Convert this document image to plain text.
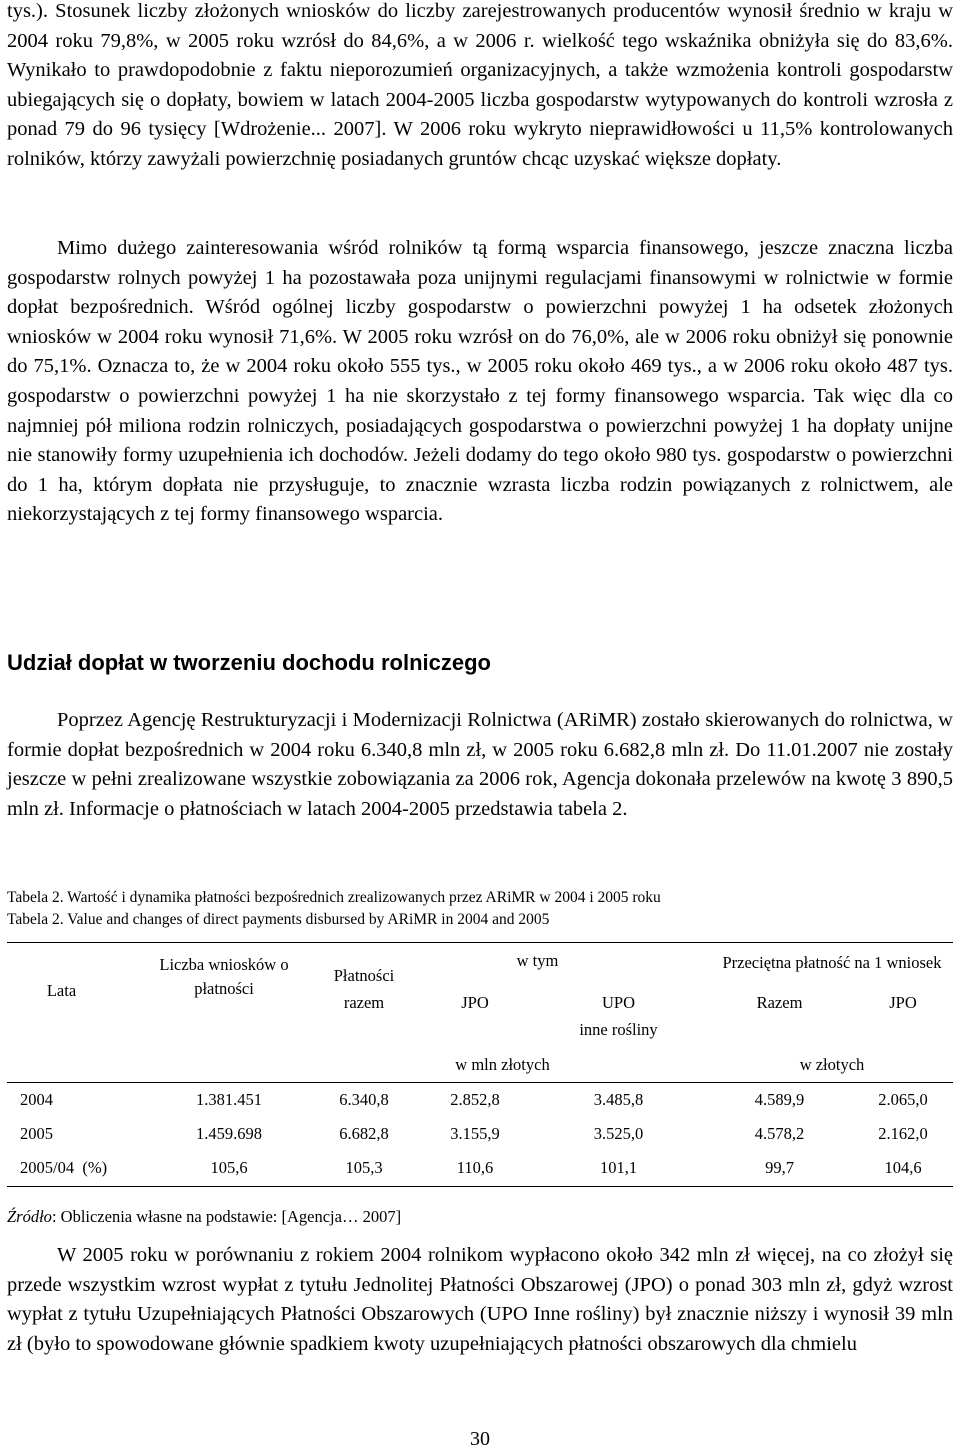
tys.). Stosunek liczby złożonych wniosków do liczby zarejestrowanych producentów wynosił średnio w kraju w 2004 roku 79,8%, w 2005 roku wzrósł do 84,6%, a w 2006 r. wielkość tego wskaźnika obniżyła się do 83,6%. Wynikało to prawdopodobnie z faktu nieporozumień organizacyjnych, a także wzmożenia kontroli gospodarstw ubiegających się o dopłaty, bowiem w latach 2004-2005 liczba gospodarstw wytypowanych do kontroli wzrosła z ponad 79 do 96 tysięcy [Wdrożenie... 2007]. W 2006 roku wykryto nieprawidłowości u 11,5% kontrolowanych rolników, którzy zawyżali powierzchnię posiadanych gruntów chcąc uzyskać większe dopłaty.

Mimo dużego zainteresowania wśród rolników tą formą wsparcia finansowego, jeszcze znaczna liczba gospodarstw rolnych powyżej 1 ha pozostawała poza unijnymi regulacjami finansowymi w rolnictwie w formie dopłat bezpośrednich. Wśród ogólnej liczby gospodarstw o powierzchni powyżej 1 ha odsetek złożonych wniosków w 2004 roku wynosił 71,6%. W 2005 roku wzrósł on do 76,0%, ale w 2006 roku obniżył się ponownie do 75,1%. Oznacza to, że w 2004 roku około 555 tys., w 2005 roku około 469 tys., a w 2006 roku około 487 tys. gospodarstw o powierzchni powyżej 1 ha nie skorzystało z tej formy finansowego wsparcia. Tak więc dla co najmniej pół miliona rodzin rolniczych, posiadających gospodarstwa o powierzchni powyżej 1 ha dopłaty unijne nie stanowiły formy uzupełnienia ich dochodów. Jeżeli dodamy do tego około 980 tys. gospodarstw o powierzchni do 1 ha, którym dopłata nie przysługuje, to znacznie wzrasta liczba rodzin powiązanych z rolnictwem, ale niekorzystających z tej formy finansowego wsparcia.

Udział dopłat w tworzeniu dochodu rolniczego

Poprzez Agencję Restrukturyzacji i Modernizacji Rolnictwa (ARiMR) zostało skierowanych do rolnictwa, w formie dopłat bezpośrednich w 2004 roku 6.340,8 mln zł, w 2005 roku 6.682,8 mln zł. Do 11.01.2007 nie zostały jeszcze w pełni zrealizowane wszystkie zobowiązania za 2006 rok, Agencja dokonała przelewów na kwotę 3 890,5 mln zł. Informacje o płatnościach w latach 2004-2005 przedstawia tabela 2.

Tabela 2. Wartość i dynamika płatności bezpośrednich zrealizowanych przez ARiMR w 2004 i 2005 roku

Tabela 2. Value and changes of direct payments disbursed by ARiMR in 2004 and 2005

Lata	Liczba wniosków o płatności	Płatności	w tym		Przeciętna płatność na 1 wniosek	
		razem	JPO	UPO	Razem	JPO
				inne rośliny		
		w mln złotych			w złotych	
2004	1.381.451	6.340,8	2.852,8	3.485,8	4.589,9	2.065,0
2005	1.459.698	6.682,8	3.155,9	3.525,0	4.578,2	2.162,0
2005/04  (%)	105,6	105,3	110,6	101,1	99,7	104,6

Źródło: Obliczenia własne na podstawie: [Agencja… 2007]

W 2005 roku w porównaniu z rokiem 2004 rolnikom wypłacono około 342 mln zł więcej, na co złożył się przede wszystkim wzrost wypłat z tytułu Jednolitej Płatności Obszarowej (JPO) o ponad 303 mln zł, gdyż wzrost wypłat z tytułu Uzupełniających Płatności Obszarowych (UPO Inne rośliny) był znacznie niższy i wynosił 39 mln zł (było to spowodowane głównie spadkiem kwoty uzupełniających płatności obszarowych dla chmielu

30
